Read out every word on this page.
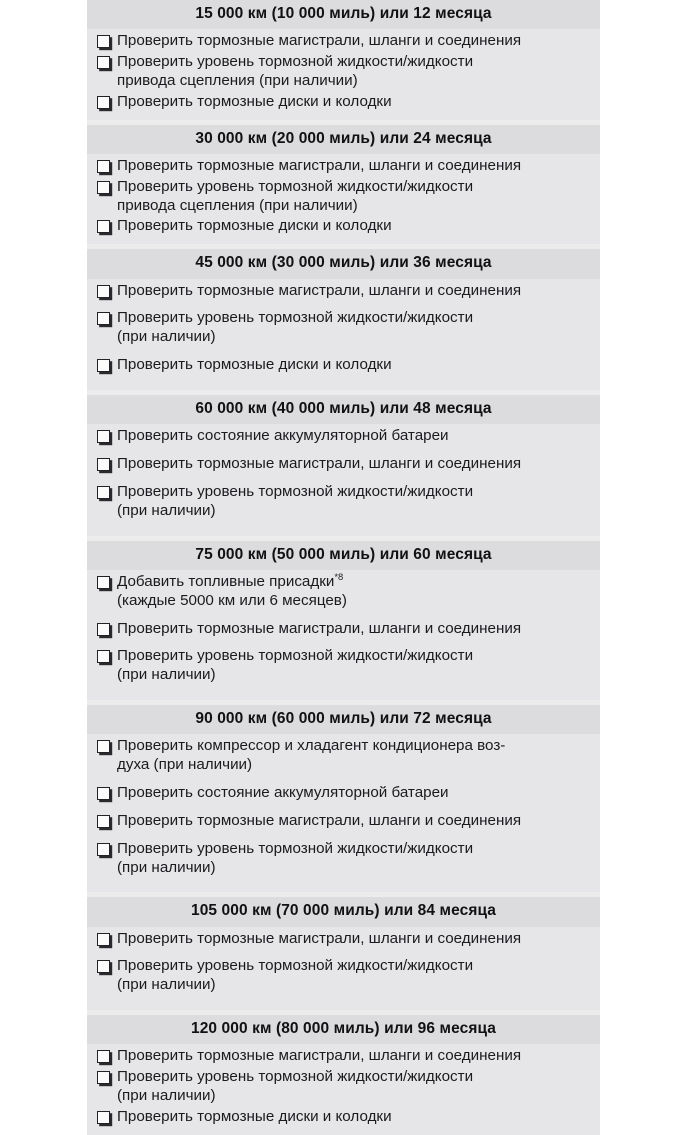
15 000 км (10 000 миль) или 12 месяца
Проверить тормозные магистрали, шланги и соединения
Проверить уровень тормозной жидкости/жидкости
привода сцепления (при наличии)
Проверить тормозные диски и колодки
30 000 км (20 000 миль) или 24 месяца
Проверить тормозные магистрали, шланги и соединения
Проверить уровень тормозной жидкости/жидкости
привода сцепления (при наличии)
Проверить тормозные диски и колодки
45 000 км (30 000 миль) или 36 месяца
Проверить тормозные магистрали, шланги и соединения
Проверить уровень тормозной жидкости/жидкости
(при наличии)
Проверить тормозные диски и колодки
60 000 км (40 000 миль) или 48 месяца
Проверить состояние аккумуляторной батареи
Проверить тормозные магистрали, шланги и соединения
Проверить уровень тормозной жидкости/жидкости
(при наличии)
75 000 км (50 000 миль) или 60 месяца
Добавить топливные присадки$^{*8}$
(каждые 5000 км или 6 месяцев)
Проверить тормозные магистрали, шланги и соединения
Проверить уровень тормозной жидкости/жидкости
(при наличии)
90 000 км (60 000 миль) или 72 месяца
Проверить компрессор и хладагент кондиционера воз-
духа (при наличии)
Проверить состояние аккумуляторной батареи
Проверить тормозные магистрали, шланги и соединения
Проверить уровень тормозной жидкости/жидкости
(при наличии)
105 000 км (70 000 миль) или 84 месяца
Проверить тормозные магистрали, шланги и соединения
Проверить уровень тормозной жидкости/жидкости
(при наличии)
120 000 км (80 000 миль) или 96 месяца
Проверить тормозные магистрали, шланги и соединения
Проверить уровень тормозной жидкости/жидкости
(при наличии)
Проверить тормозные диски и колодки
